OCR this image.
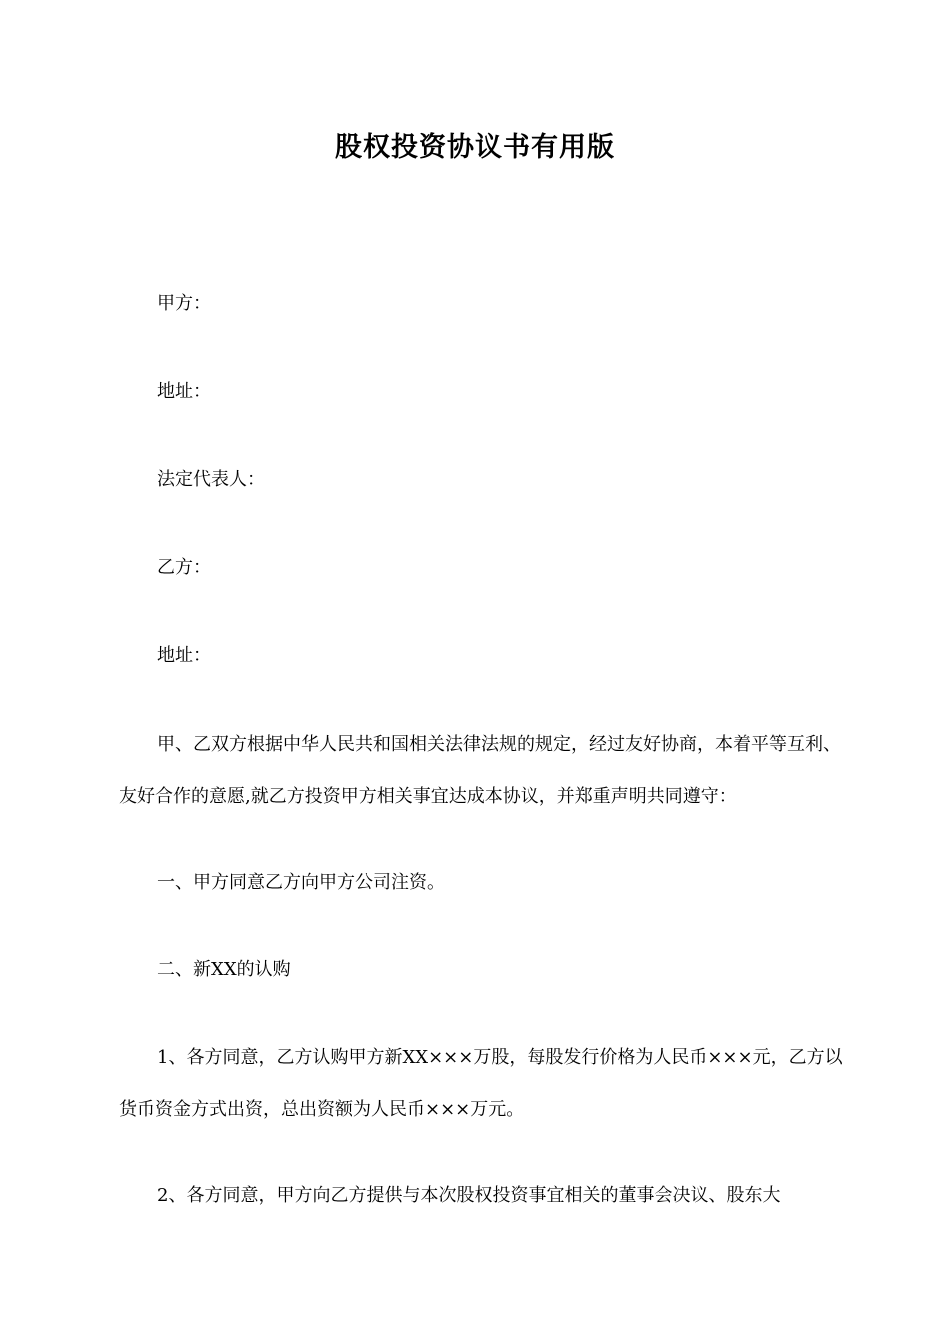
股权投资协议书有用版
甲方：
地址：
法定代表人：
乙方：
地址：
甲、乙双方根据中华人民共和国相关法律法规的规定，经过友好协商，本着平等互利、友好合作的意愿,就乙方投资甲方相关事宜达成本协议，并郑重声明共同遵守：
一、甲方同意乙方向甲方公司注资。
二、新XX的认购
1、各方同意，乙方认购甲方新XX×××万股，每股发行价格为人民币×××元，乙方以货币资金方式出资，总出资额为人民币×××万元。
2、各方同意，甲方向乙方提供与本次股权投资事宜相关的董事会决议、股东大
